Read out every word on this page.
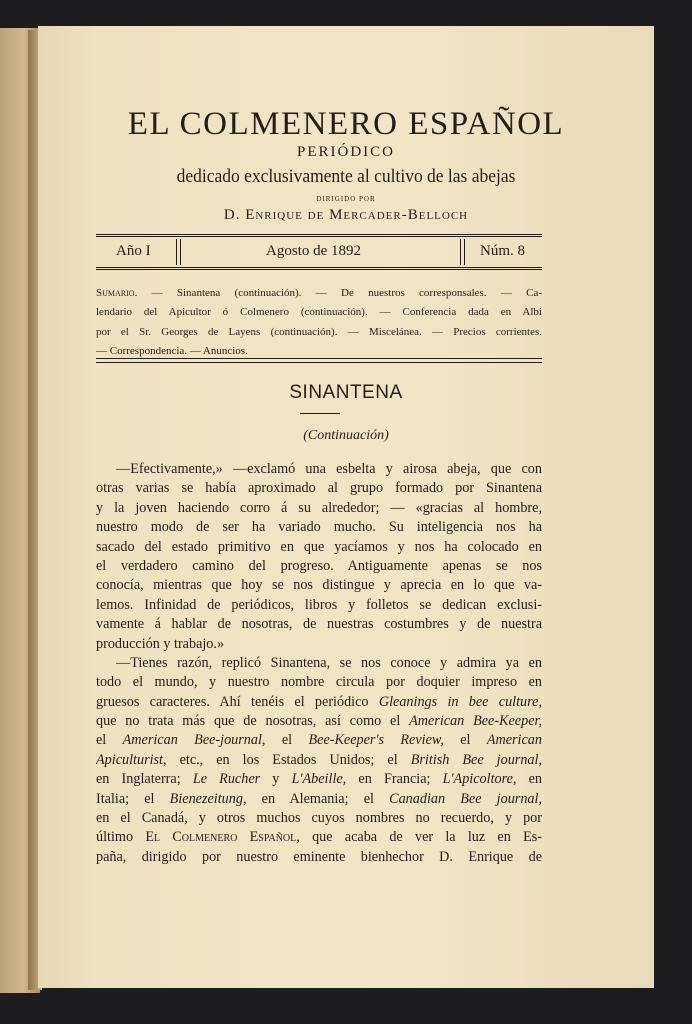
EL COLMENERO ESPAÑOL
PERIÓDICO
dedicado exclusivamente al cultivo de las abejas
DIRIGIDO POR
D. Enrique de Mercader-Belloch
Año I	Agosto de 1892	Núm. 8
Sumario. — Sinantena (continuación). — De nuestros corresponsales. — Ca-
lendario del Apicultor ó Colmenero (continuación). — Conferencia dada en Albi
por el Sr. Georges de Layens (continuación). — Miscelánea. — Precios corrientes.
— Correspondencia. — Anuncios.
SINANTENA
(Continuación)
—Efectivamente,» —exclamó una esbelta y airosa abeja, que con
otras varias se había aproximado al grupo formado por Sinantena
y la joven haciendo corro á su alrededor; — «gracias al hombre,
nuestro modo de ser ha variado mucho. Su inteligencia nos ha
sacado del estado primitivo en que yacíamos y nos ha colocado en
el verdadero camino del progreso. Antiguamente apenas se nos
conocía, mientras que hoy se nos distingue y aprecia en lo que va-
lemos. Infinidad de periódicos, libros y folletos se dedican exclusi-
vamente á hablar de nosotras, de nuestras costumbres y de nuestra
producción y trabajo.»
—Tienes razón, replicó Sinantena, se nos conoce y admira ya en
todo el mundo, y nuestro nombre circula por doquier impreso en
gruesos caracteres. Ahí tenéis el periódico Gleanings in bee culture,
que no trata más que de nosotras, así como el American Bee-Keeper,
el American Bee-journal, el Bee-Keeper's Review, el American
Apiculturist, etc., en los Estados Unidos; el British Bee journal,
en Inglaterra; Le Rucher y L'Abeille, en Francia; L'Apicoltore, en
Italia; el Bienezeitung, en Alemania; el Canadian Bee journal,
en el Canadá, y otros muchos cuyos nombres no recuerdo, y por
último El Colmenero Español, que acaba de ver la luz en Es-
paña, dirigido por nuestro eminente bienhechor D. Enrique de
